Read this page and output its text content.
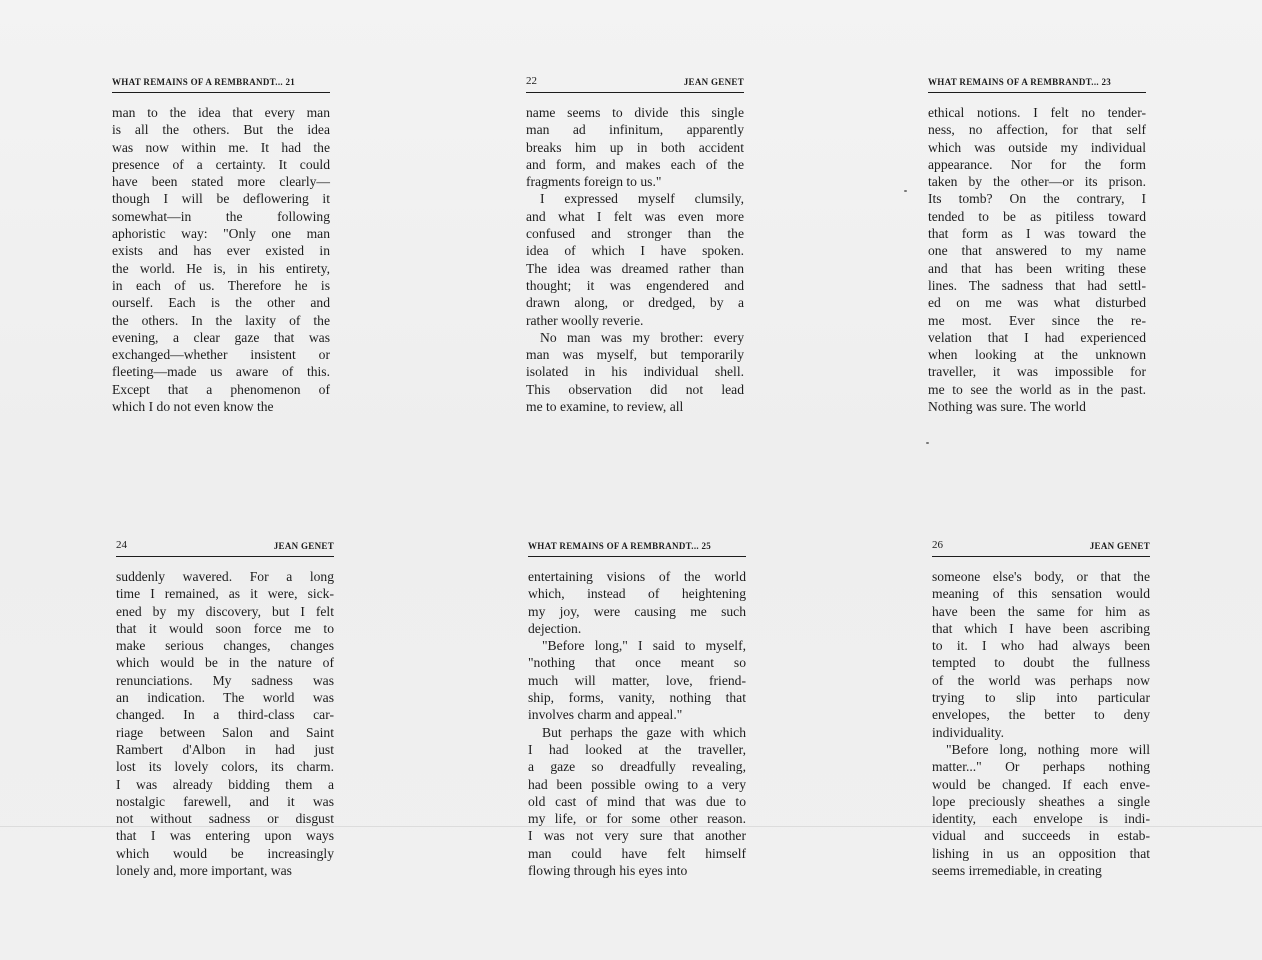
WHAT REMAINS OF A REMBRANDT... 21
man to the idea that every man
is all the others. But the idea
was now within me. It had the
presence of a certainty. It could
have been stated more clearly—
though I will be deflowering it
somewhat—in the following
aphoristic way: "Only one man
exists and has ever existed in
the world. He is, in his entirety,
in each of us. Therefore he is
ourself. Each is the other and
the others. In the laxity of the
evening, a clear gaze that was
exchanged—whether insistent or
fleeting—made us aware of this.
Except that a phenomenon of
which I do not even know the
22	JEAN GENET
name seems to divide this single
man ad infinitum, apparently
breaks him up in both accident
and form, and makes each of the
fragments foreign to us."
I expressed myself clumsily,
and what I felt was even more
confused and stronger than the
idea of which I have spoken.
The idea was dreamed rather than
thought; it was engendered and
drawn along, or dredged, by a
rather woolly reverie.
No man was my brother: every
man was myself, but temporarily
isolated in his individual shell.
This observation did not lead
me to examine, to review, all
WHAT REMAINS OF A REMBRANDT... 23
ethical notions. I felt no tender-
ness, no affection, for that self
which was outside my individual
appearance. Nor for the form
taken by the other—or its prison.
Its tomb? On the contrary, I
tended to be as pitiless toward
that form as I was toward the
one that answered to my name
and that has been writing these
lines. The sadness that had settl-
ed on me was what disturbed
me most. Ever since the re-
velation that I had experienced
when looking at the unknown
traveller, it was impossible for
me to see the world as in the past.
Nothing was sure. The world
24	JEAN GENET
suddenly wavered. For a long
time I remained, as it were, sick-
ened by my discovery, but I felt
that it would soon force me to
make serious changes, changes
which would be in the nature of
renunciations. My sadness was
an indication. The world was
changed. In a third-class car-
riage between Salon and Saint
Rambert d'Albon in had just
lost its lovely colors, its charm.
I was already bidding them a
nostalgic farewell, and it was
not without sadness or disgust
that I was entering upon ways
which would be increasingly
lonely and, more important, was
WHAT REMAINS OF A REMBRANDT... 25
entertaining visions of the world
which, instead of heightening
my joy, were causing me such
dejection.
"Before long," I said to myself,
"nothing that once meant so
much will matter, love, friend-
ship, forms, vanity, nothing that
involves charm and appeal."
But perhaps the gaze with which
I had looked at the traveller,
a gaze so dreadfully revealing,
had been possible owing to a very
old cast of mind that was due to
my life, or for some other reason.
I was not very sure that another
man could have felt himself
flowing through his eyes into
26	JEAN GENET
someone else's body, or that the
meaning of this sensation would
have been the same for him as
that which I have been ascribing
to it. I who had always been
tempted to doubt the fullness
of the world was perhaps now
trying to slip into particular
envelopes, the better to deny
individuality.
"Before long, nothing more will
matter..." Or perhaps nothing
would be changed. If each enve-
lope preciously sheathes a single
identity, each envelope is indi-
vidual and succeeds in estab-
lishing in us an opposition that
seems irremediable, in creating
